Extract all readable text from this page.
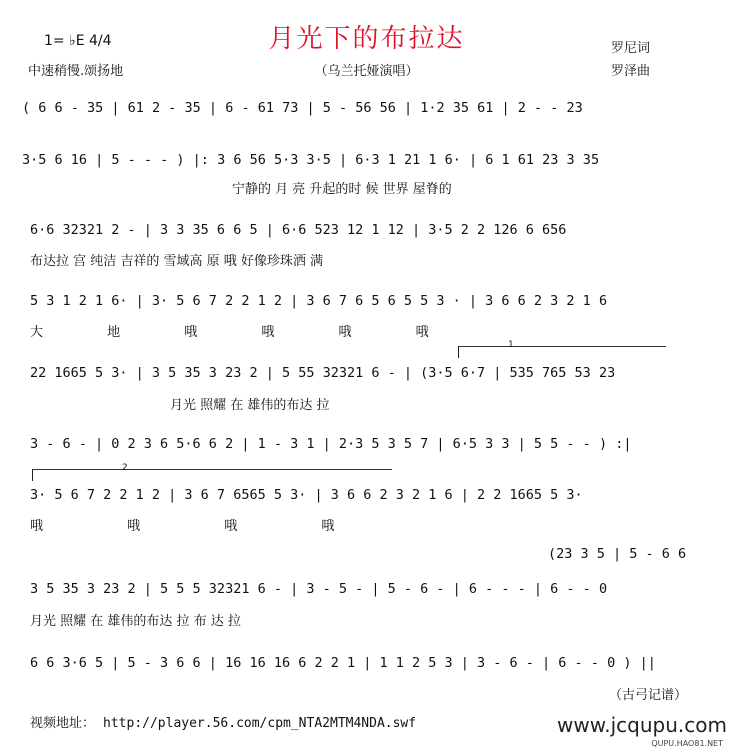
月光下的布拉达
（乌兰托娅演唱）
1= ♭E 4/4
中速稍慢.颂扬地
罗尼词
罗泽曲
( 6 6 - 35 | 61 2 - 35 | 6 - 61 73 | 5 - 56 56 | 1·2 35 61 | 2 - - 23
3·5 6 16 | 5 - - - ) |: 3 6 56 5·3 3·5 | 6·3 1 21 1 6· | 6 1 61 23 3 35
宁静的 月 亮 升起的时 候 世界 屋脊的
6·6 32321 2 - | 3 3 35 6 6 5 | 6·6 523 12 1 12 | 3·5 2 2 126 6 656
布达拉 宫 纯洁 吉祥的 雪域高 原 哦 好像珍珠洒 满
5 3 1 2 1 6· | 3· 5 6 7 2 2 1 2 | 3 6 7 6 5 6 5 5 3 · | 3 6 6 2 3 2 1 6
大 地 哦 哦 哦 哦
1
22 1665 5 3· | 3 5 35 3 23 2 | 5 55 32321 6 - | (3·5 6·7 | 535 765 53 23
月光 照耀 在 雄伟的布达 拉
3 - 6 - | 0 2 3 6 5·6 6 2 | 1 - 3 1 | 2·3 5 3 5 7 | 6·5 3 3 | 5 5 - - ) :|
2
3· 5 6 7 2 2 1 2 | 3 6 7 6565 5 3· | 3 6 6 2 3 2 1 6 | 2 2 1665 5 3·
哦 哦 哦 哦
(23 3 5 | 5 - 6 6
3 5 35 3 23 2 | 5 5 5 32321 6 - | 3 - 5 - | 5 - 6 - | 6 - - - | 6 - - 0
月光 照耀 在 雄伟的布达 拉 布 达 拉
6 6 3·6 5 | 5 - 3 6 6 | 16 16 16 6 2 2 1 | 1 1 2 5 3 | 3 - 6 - | 6 - - 0 ) ||
（古弓记谱）
视频地址： http://player.56.com/cpm_NTA2MTM4NDA.swf	www.jcqupu.com
QUPU.HAO81.NET
